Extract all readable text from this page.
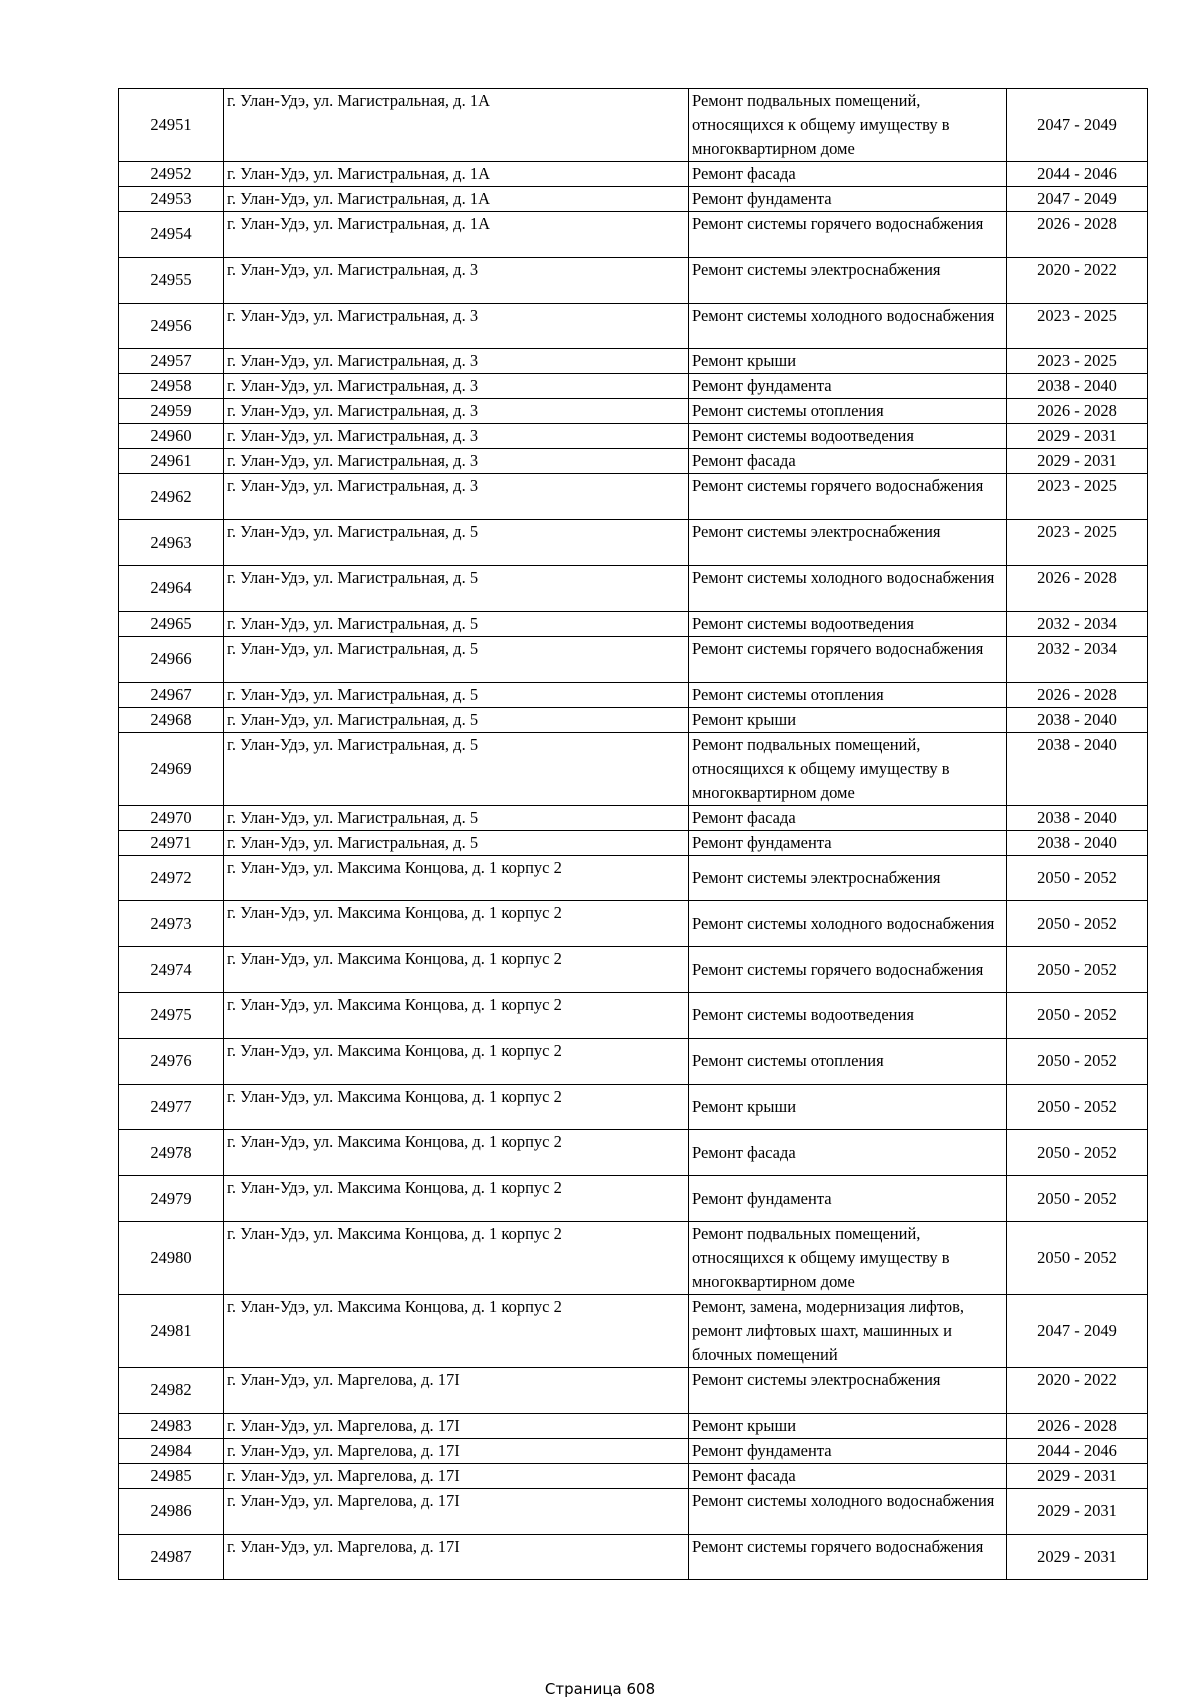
24951	г. Улан-Удэ, ул. Магистральная, д. 1А	Ремонт подвальных помещений, относящихся к общему имуществу в многоквартирном доме	2047 - 2049
24952	г. Улан-Удэ, ул. Магистральная, д. 1А	Ремонт фасада	2044 - 2046
24953	г. Улан-Удэ, ул. Магистральная, д. 1А	Ремонт фундамента	2047 - 2049
24954	г. Улан-Удэ, ул. Магистральная, д. 1А	Ремонт системы горячего водоснабжения	2026 - 2028
24955	г. Улан-Удэ, ул. Магистральная, д. 3	Ремонт системы электроснабжения	2020 - 2022
24956	г. Улан-Удэ, ул. Магистральная, д. 3	Ремонт системы холодного водоснабжения	2023 - 2025
24957	г. Улан-Удэ, ул. Магистральная, д. 3	Ремонт крыши	2023 - 2025
24958	г. Улан-Удэ, ул. Магистральная, д. 3	Ремонт фундамента	2038 - 2040
24959	г. Улан-Удэ, ул. Магистральная, д. 3	Ремонт системы отопления	2026 - 2028
24960	г. Улан-Удэ, ул. Магистральная, д. 3	Ремонт системы водоотведения	2029 - 2031
24961	г. Улан-Удэ, ул. Магистральная, д. 3	Ремонт фасада	2029 - 2031
24962	г. Улан-Удэ, ул. Магистральная, д. 3	Ремонт системы горячего водоснабжения	2023 - 2025
24963	г. Улан-Удэ, ул. Магистральная, д. 5	Ремонт системы электроснабжения	2023 - 2025
24964	г. Улан-Удэ, ул. Магистральная, д. 5	Ремонт системы холодного водоснабжения	2026 - 2028
24965	г. Улан-Удэ, ул. Магистральная, д. 5	Ремонт системы водоотведения	2032 - 2034
24966	г. Улан-Удэ, ул. Магистральная, д. 5	Ремонт системы горячего водоснабжения	2032 - 2034
24967	г. Улан-Удэ, ул. Магистральная, д. 5	Ремонт системы отопления	2026 - 2028
24968	г. Улан-Удэ, ул. Магистральная, д. 5	Ремонт крыши	2038 - 2040
24969	г. Улан-Удэ, ул. Магистральная, д. 5	Ремонт подвальных помещений, относящихся к общему имуществу в многоквартирном доме	2038 - 2040
24970	г. Улан-Удэ, ул. Магистральная, д. 5	Ремонт фасада	2038 - 2040
24971	г. Улан-Удэ, ул. Магистральная, д. 5	Ремонт фундамента	2038 - 2040
24972	г. Улан-Удэ, ул. Максима Концова, д. 1 корпус 2	Ремонт системы электроснабжения	2050 - 2052
24973	г. Улан-Удэ, ул. Максима Концова, д. 1 корпус 2	Ремонт системы холодного водоснабжения	2050 - 2052
24974	г. Улан-Удэ, ул. Максима Концова, д. 1 корпус 2	Ремонт системы горячего водоснабжения	2050 - 2052
24975	г. Улан-Удэ, ул. Максима Концова, д. 1 корпус 2	Ремонт системы водоотведения	2050 - 2052
24976	г. Улан-Удэ, ул. Максима Концова, д. 1 корпус 2	Ремонт системы отопления	2050 - 2052
24977	г. Улан-Удэ, ул. Максима Концова, д. 1 корпус 2	Ремонт крыши	2050 - 2052
24978	г. Улан-Удэ, ул. Максима Концова, д. 1 корпус 2	Ремонт фасада	2050 - 2052
24979	г. Улан-Удэ, ул. Максима Концова, д. 1 корпус 2	Ремонт фундамента	2050 - 2052
24980	г. Улан-Удэ, ул. Максима Концова, д. 1 корпус 2	Ремонт подвальных помещений, относящихся к общему имуществу в многоквартирном доме	2050 - 2052
24981	г. Улан-Удэ, ул. Максима Концова, д. 1 корпус 2	Ремонт, замена, модернизация лифтов, ремонт лифтовых шахт, машинных и блочных помещений	2047 - 2049
24982	г. Улан-Удэ, ул. Маргелова, д. 17І	Ремонт системы электроснабжения	2020 - 2022
24983	г. Улан-Удэ, ул. Маргелова, д. 17І	Ремонт крыши	2026 - 2028
24984	г. Улан-Удэ, ул. Маргелова, д. 17І	Ремонт фундамента	2044 - 2046
24985	г. Улан-Удэ, ул. Маргелова, д. 17І	Ремонт фасада	2029 - 2031
24986	г. Улан-Удэ, ул. Маргелова, д. 17І	Ремонт системы холодного водоснабжения	2029 - 2031
24987	г. Улан-Удэ, ул. Маргелова, д. 17І	Ремонт системы горячего водоснабжения	2029 - 2031
Страница 608
